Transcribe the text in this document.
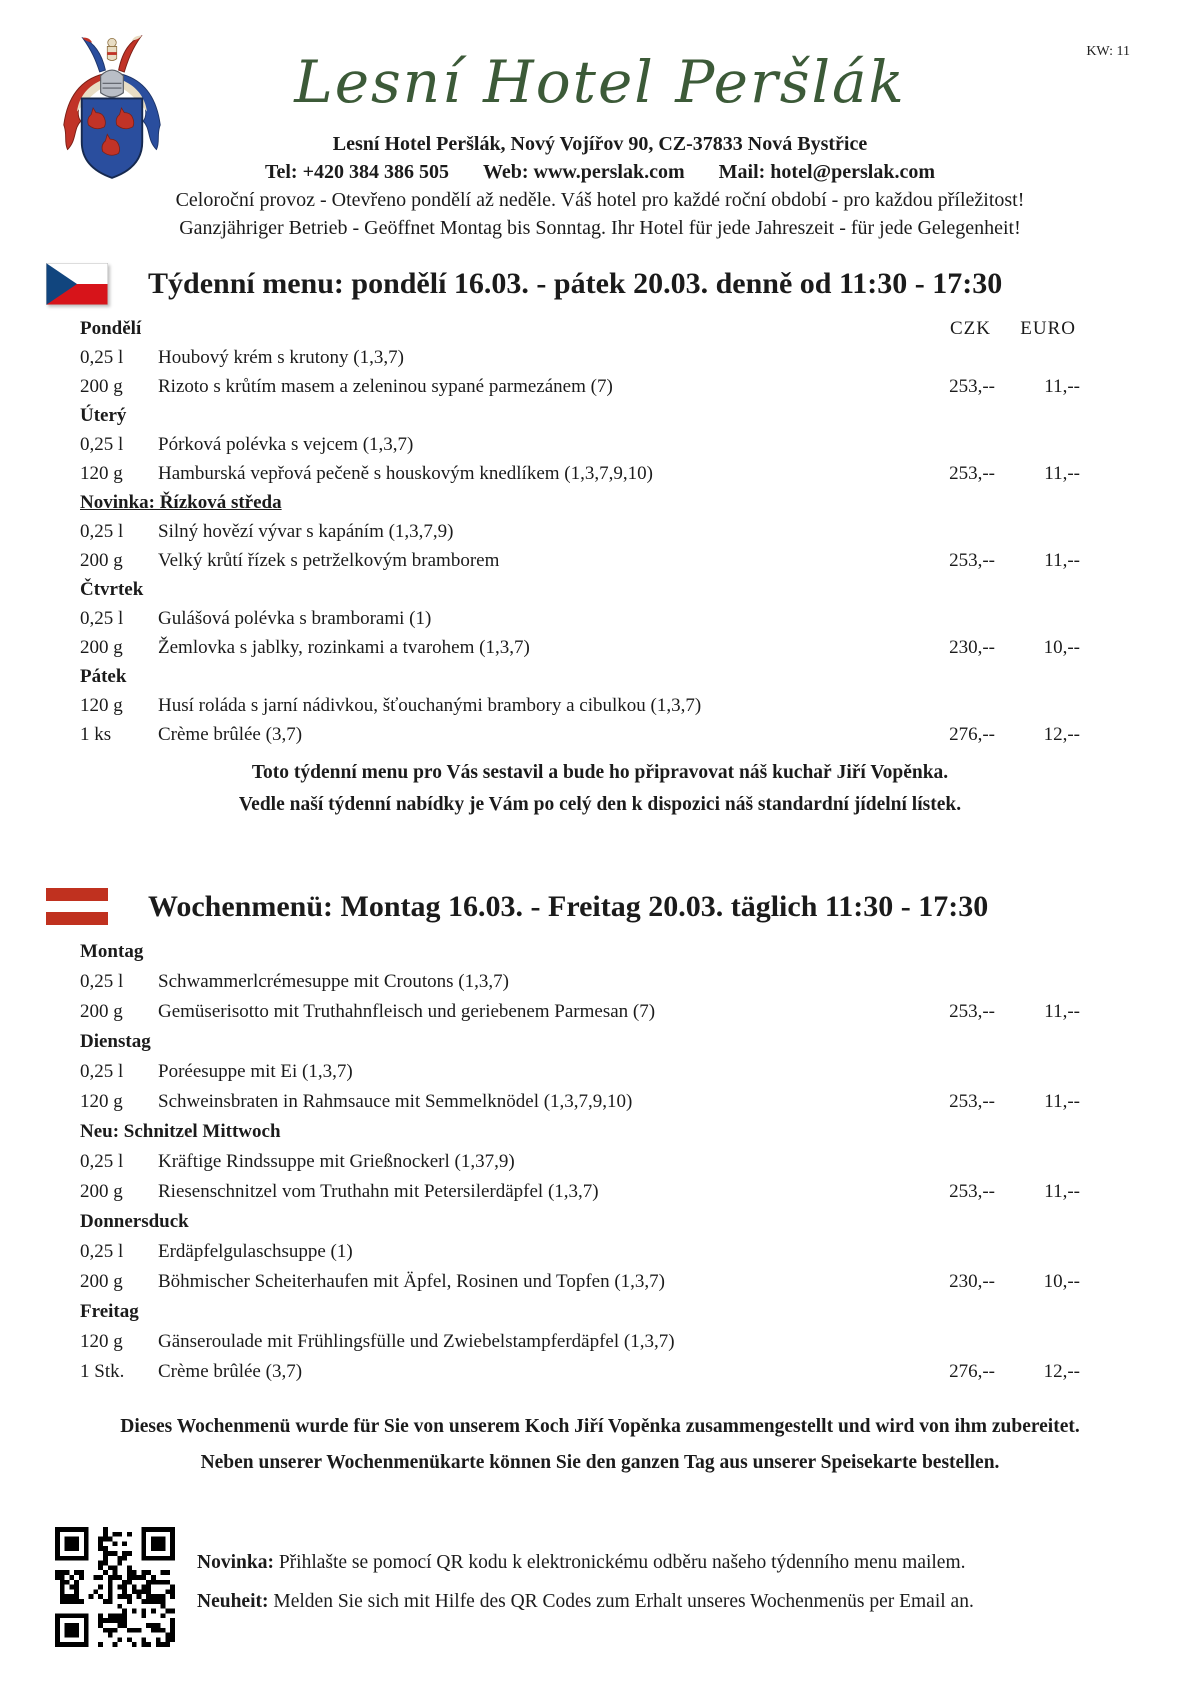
KW: 11
Lesní Hotel Peršlák
Lesní Hotel Peršlák, Nový Vojířov 90, CZ-37833 Nová Bystřice
Tel: +420 384 386 505 Web: www.perslak.com Mail: hotel@perslak.com
Celoroční provoz - Otevřeno pondělí až neděle. Váš hotel pro každé roční období - pro každou příležitost!
Ganzjähriger Betrieb - Geöffnet Montag bis Sonntag. Ihr Hotel für jede Jahreszeit - für jede Gelegenheit!
Týdenní menu: pondělí 16.03. - pátek 20.03. denně od 11:30 - 17:30
Pondělí	CZK	EURO
0,25 l	Houbový krém s krutony (1,3,7)
200 g	Rizoto s krůtím masem a zeleninou sypané parmezánem (7)	253,--	11,--
Úterý
0,25 l	Pórková polévka s vejcem (1,3,7)
120 g	Hamburská vepřová pečeně s houskovým knedlíkem (1,3,7,9,10)	253,--	11,--
Novinka: Řízková středa
0,25 l	Silný hovězí vývar s kapáním (1,3,7,9)
200 g	Velký krůtí řízek s petrželkovým bramborem	253,--	11,--
Čtvrtek
0,25 l	Gulášová polévka s bramborami (1)
200 g	Žemlovka s jablky, rozinkami a tvarohem (1,3,7)	230,--	10,--
Pátek
120 g	Husí roláda s jarní nádivkou, šťouchanými brambory a cibulkou (1,3,7)
1 ks	Crème brûlée (3,7)	276,--	12,--
Toto týdenní menu pro Vás sestavil a bude ho připravovat náš kuchař Jiří Vopěnka.
Vedle naší týdenní nabídky je Vám po celý den k dispozici náš standardní jídelní lístek.
Wochenmenü: Montag 16.03. - Freitag 20.03. täglich 11:30 - 17:30
Montag
0,25 l	Schwammerlcrémesuppe mit Croutons (1,3,7)
200 g	Gemüserisotto mit Truthahnfleisch und geriebenem Parmesan (7)	253,--	11,--
Dienstag
0,25 l	Poréesuppe mit Ei (1,3,7)
120 g	Schweinsbraten in Rahmsauce mit Semmelknödel (1,3,7,9,10)	253,--	11,--
Neu: Schnitzel Mittwoch
0,25 l	Kräftige Rindssuppe mit Grießnockerl (1,37,9)
200 g	Riesenschnitzel vom Truthahn mit Petersilerdäpfel (1,3,7)	253,--	11,--
Donnersduck
0,25 l	Erdäpfelgulaschsuppe (1)
200 g	Böhmischer Scheiterhaufen mit Äpfel, Rosinen und Topfen (1,3,7)	230,--	10,--
Freitag
120 g	Gänseroulade mit Frühlingsfülle und Zwiebelstampferdäpfel (1,3,7)
1 Stk.	Crème brûlée (3,7)	276,--	12,--
Dieses Wochenmenü wurde für Sie von unserem Koch Jiří Vopěnka zusammengestellt und wird von ihm zubereitet.
Neben unserer Wochenmenükarte können Sie den ganzen Tag aus unserer Speisekarte bestellen.
Novinka: Přihlašte se pomocí QR kodu k elektronickému odběru našeho týdenního menu mailem.
Neuheit: Melden Sie sich mit Hilfe des QR Codes zum Erhalt unseres Wochenmenüs per Email an.
